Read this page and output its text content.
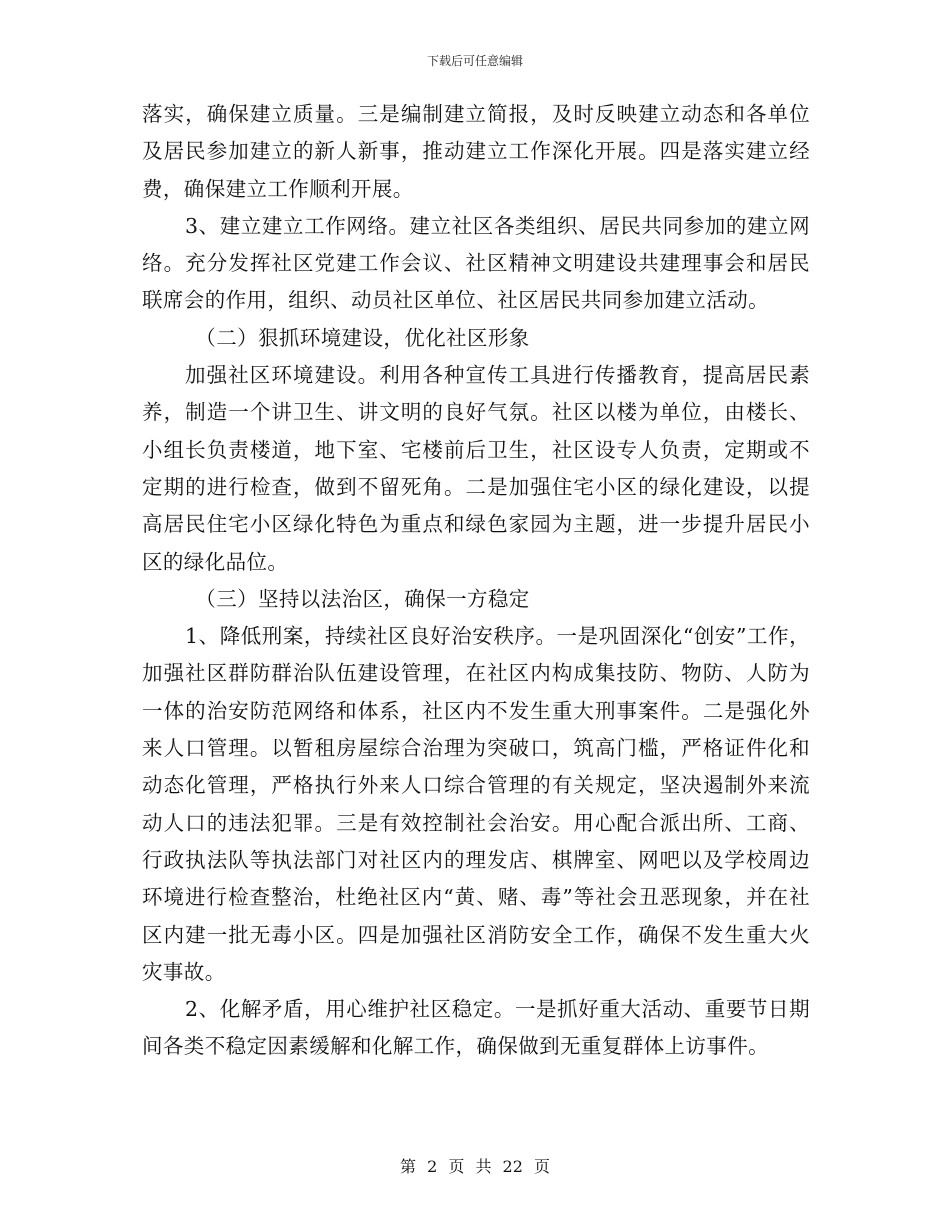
下载后可任意编辑

落实，确保建立质量。三是编制建立简报，及时反映建立动态和各单位及居民参加建立的新人新事，推动建立工作深化开展。四是落实建立经费，确保建立工作顺利开展。

3、建立建立工作网络。建立社区各类组织、居民共同参加的建立网络。充分发挥社区党建工作会议、社区精神文明建设共建理事会和居民联席会的作用，组织、动员社区单位、社区居民共同参加建立活动。

（二）狠抓环境建设，优化社区形象

加强社区环境建设。利用各种宣传工具进行传播教育，提高居民素养，制造一个讲卫生、讲文明的良好气氛。社区以楼为单位，由楼长、小组长负责楼道，地下室、宅楼前后卫生，社区设专人负责，定期或不定期的进行检查，做到不留死角。二是加强住宅小区的绿化建设，以提高居民住宅小区绿化特色为重点和绿色家园为主题，进一步提升居民小区的绿化品位。

（三）坚持以法治区，确保一方稳定

1、降低刑案，持续社区良好治安秩序。一是巩固深化“创安”工作，加强社区群防群治队伍建设管理，在社区内构成集技防、物防、人防为一体的治安防范网络和体系，社区内不发生重大刑事案件。二是强化外来人口管理。以暂租房屋综合治理为突破口，筑高门槛，严格证件化和动态化管理，严格执行外来人口综合管理的有关规定，坚决遏制外来流动人口的违法犯罪。三是有效控制社会治安。用心配合派出所、工商、行政执法队等执法部门对社区内的理发店、棋牌室、网吧以及学校周边环境进行检查整治，杜绝社区内“黄、赌、毒”等社会丑恶现象，并在社区内建一批无毒小区。四是加强社区消防安全工作，确保不发生重大火灾事故。

2、化解矛盾，用心维护社区稳定。一是抓好重大活动、重要节日期间各类不稳定因素缓解和化解工作，确保做到无重复群体上访事件。

第 2 页 共 22 页
